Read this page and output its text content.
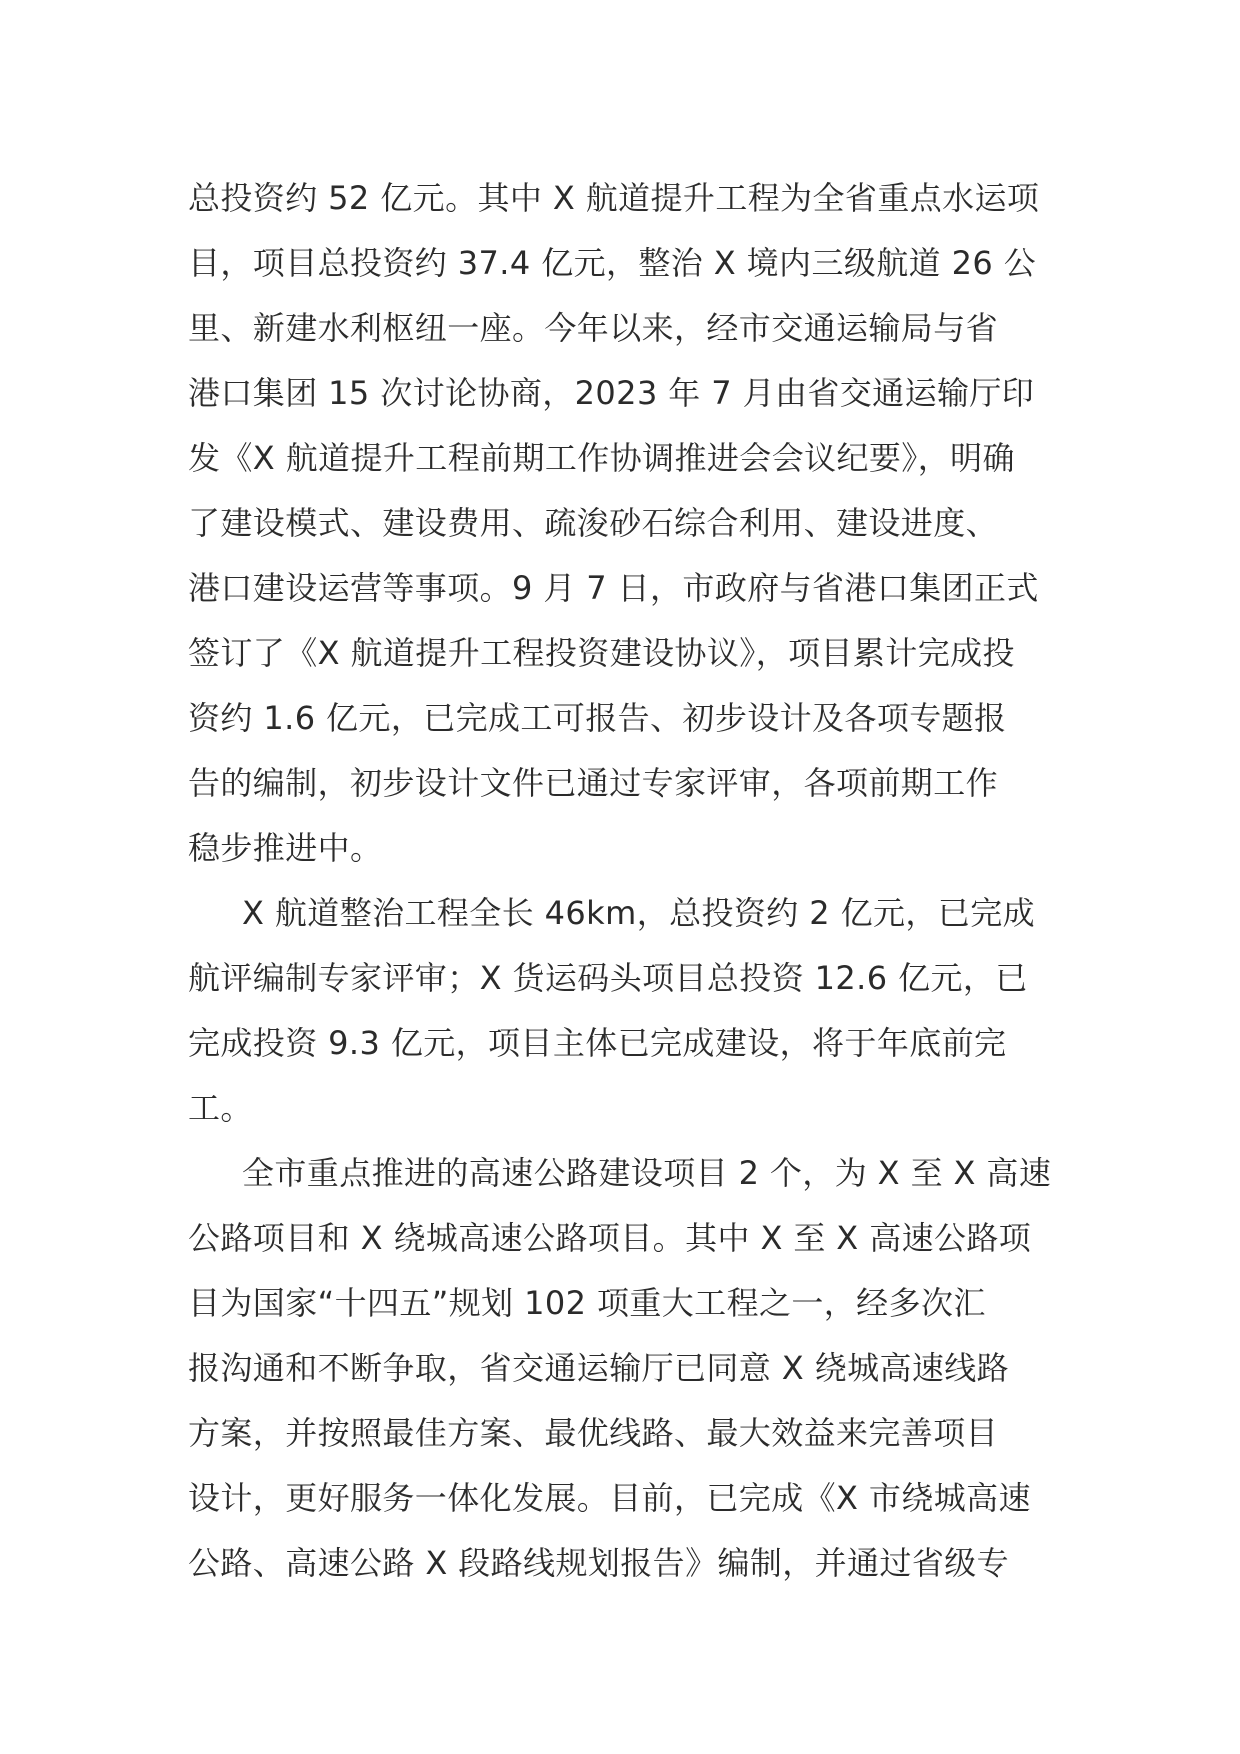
总投资约 52 亿元。其中 X 航道提升工程为全省重点水运项
目，项目总投资约 37.4 亿元，整治 X 境内三级航道 26 公
里、新建水利枢纽一座。今年以来，经市交通运输局与省
港口集团 15 次讨论协商，2023 年 7 月由省交通运输厅印
发《X 航道提升工程前期工作协调推进会会议纪要》，明确
了建设模式、建设费用、疏浚砂石综合利用、建设进度、
港口建设运营等事项。9 月 7 日，市政府与省港口集团正式
签订了《X 航道提升工程投资建设协议》，项目累计完成投
资约 1.6 亿元，已完成工可报告、初步设计及各项专题报
告的编制，初步设计文件已通过专家评审，各项前期工作
稳步推进中。
X 航道整治工程全长 46km，总投资约 2 亿元，已完成
航评编制专家评审；X 货运码头项目总投资 12.6 亿元，已
完成投资 9.3 亿元，项目主体已完成建设，将于年底前完
工。
全市重点推进的高速公路建设项目 2 个，为 X 至 X 高速
公路项目和 X 绕城高速公路项目。其中 X 至 X 高速公路项
目为国家“十四五”规划 102 项重大工程之一，经多次汇
报沟通和不断争取，省交通运输厅已同意 X 绕城高速线路
方案，并按照最佳方案、最优线路、最大效益来完善项目
设计，更好服务一体化发展。目前，已完成《X 市绕城高速
公路、高速公路 X 段路线规划报告》编制，并通过省级专
